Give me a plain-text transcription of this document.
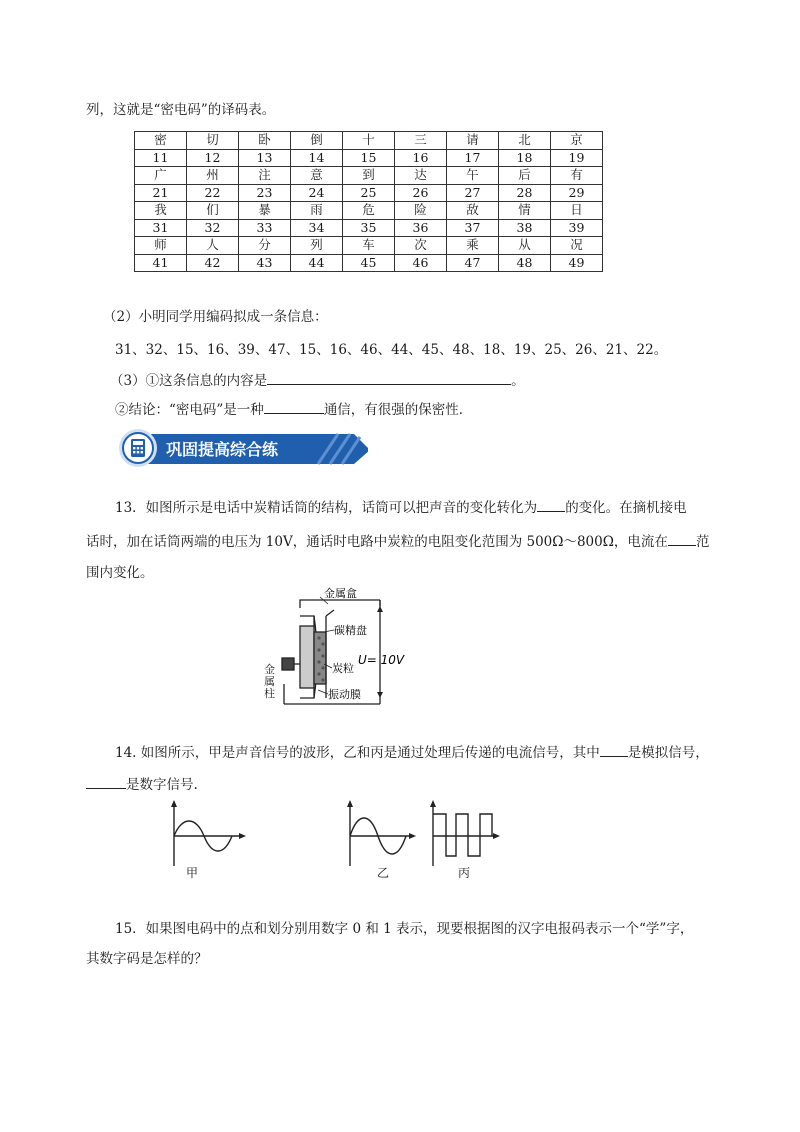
列，这就是“密电码”的译码表。
密	切	卧	倒	十	三	请	北	京
11	12	13	14	15	16	17	18	19
广	州	注	意	到	达	午	后	有
21	22	23	24	25	26	27	28	29
我	们	暴	雨	危	险	敌	情	日
31	32	33	34	35	36	37	38	39
师	人	分	列	车	次	乘	从	况
41	42	43	44	45	46	47	48	49
（2）小明同学用编码拟成一条信息：
31、32、15、16、39、47、15、16、46、44、45、48、18、19、25、26、21、22。
（3）①这条信息的内容是	。
②结论：“密电码”是一种	通信，有很强的保密性．
巩固提高综合练
13．如图所示是电话中炭精话筒的结构，话筒可以把声音的变化转化为 的变化。在摘机接电
话时，加在话筒两端的电压为 10V，通话时电路中炭粒的电阻变化范围为 500Ω～800Ω，电流在 范
围内变化。
金属盒
碳精盘
炭粒
振动膜
U= 10V
金属柱
14. 如图所示，甲是声音信号的波形，乙和丙是通过处理后传递的电流信号，其中 是模拟信号，
是数字信号.
甲	乙	丙
15．如果图电码中的点和划分别用数字 0 和 1 表示，现要根据图的汉字电报码表示一个“学”字，
其数字码是怎样的？
